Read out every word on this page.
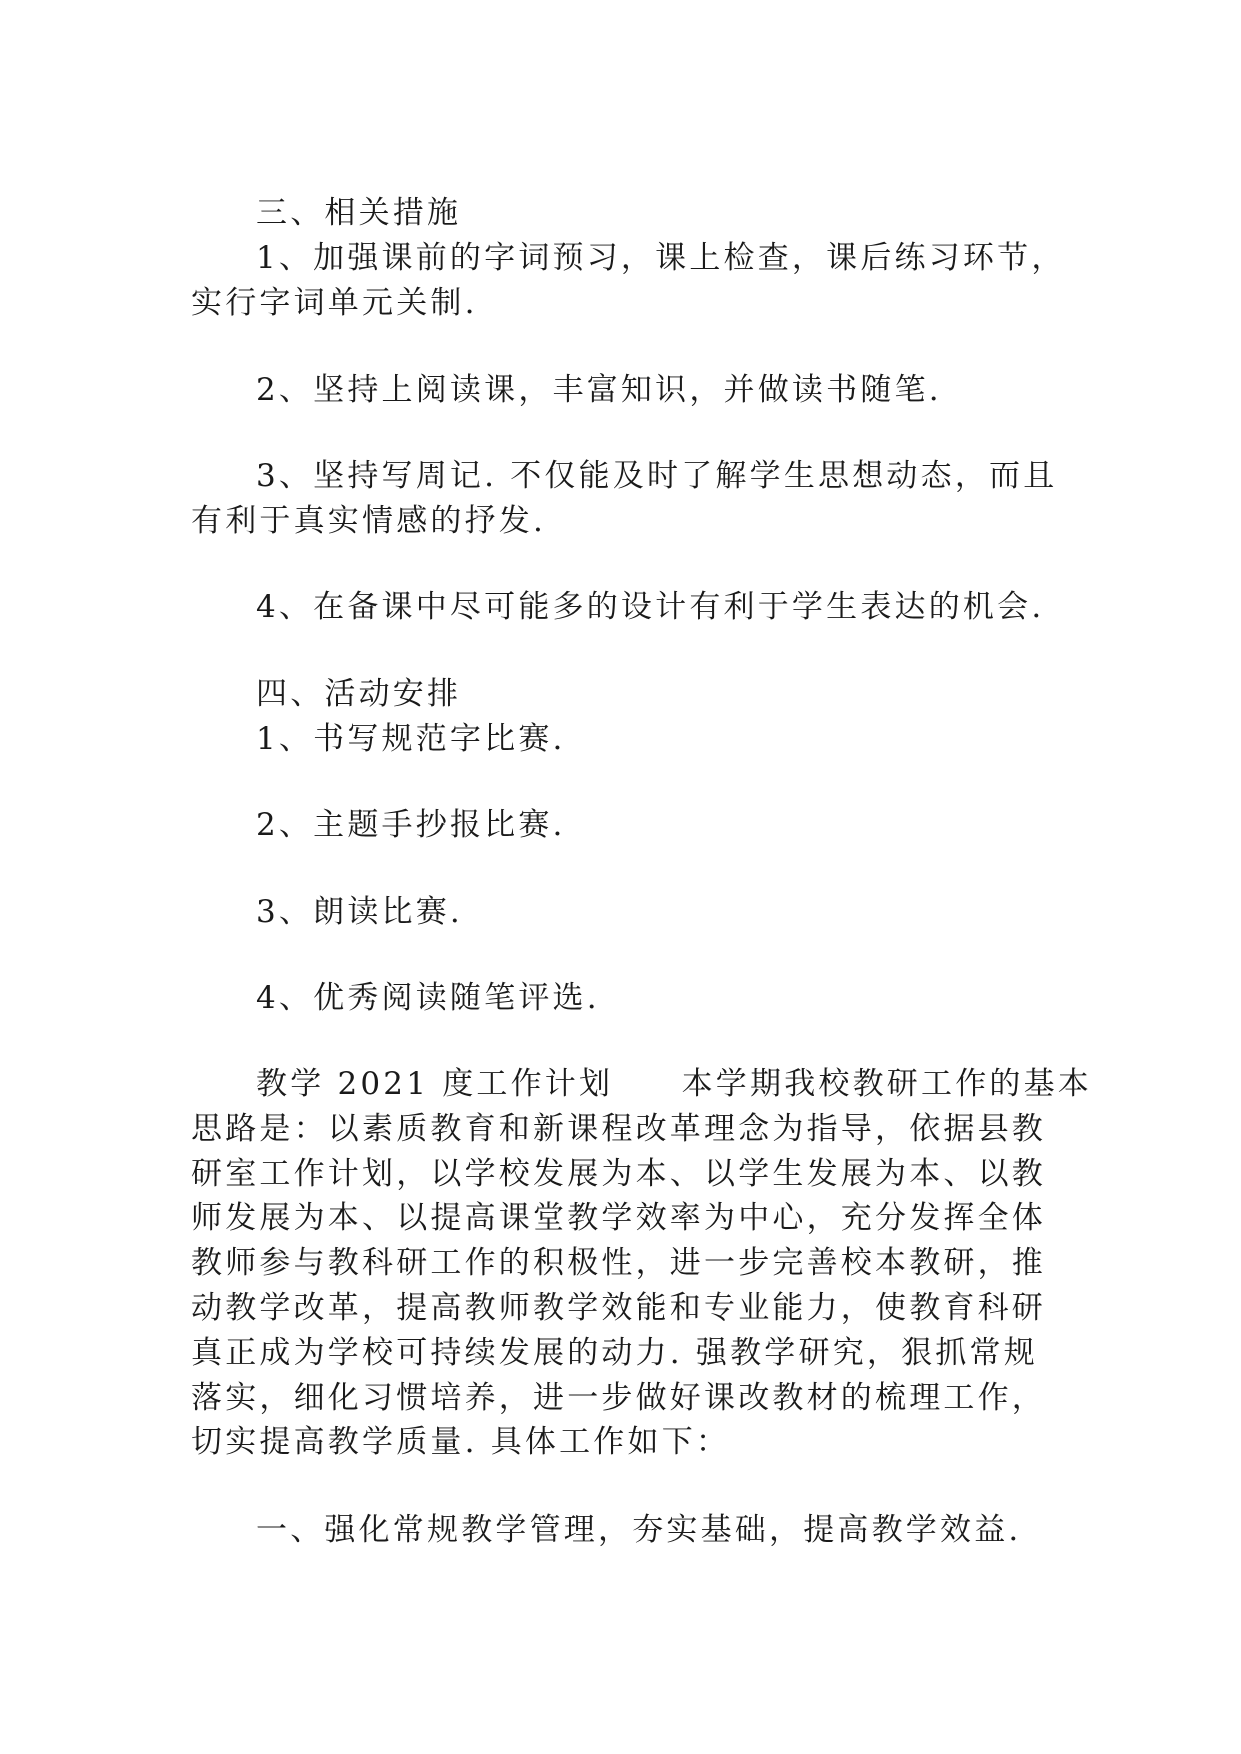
三、相关措施
1、加强课前的字词预习，课上检查，课后练习环节，
实行字词单元关制.
2、坚持上阅读课，丰富知识，并做读书随笔.
3、坚持写周记. 不仅能及时了解学生思想动态，而且
有利于真实情感的抒发.
4、在备课中尽可能多的设计有利于学生表达的机会.
四、活动安排
1、书写规范字比赛.
2、主题手抄报比赛.
3、朗读比赛.
4、优秀阅读随笔评选.
教学 2021 度工作计划　　本学期我校教研工作的基本
思路是：以素质教育和新课程改革理念为指导，依据县教
研室工作计划，以学校发展为本、以学生发展为本、以教
师发展为本、以提高课堂教学效率为中心，充分发挥全体
教师参与教科研工作的积极性，进一步完善校本教研，推
动教学改革，提高教师教学效能和专业能力，使教育科研
真正成为学校可持续发展的动力. 强教学研究，狠抓常规
落实，细化习惯培养，进一步做好课改教材的梳理工作，
切实提高教学质量. 具体工作如下：
一、强化常规教学管理，夯实基础，提高教学效益.
